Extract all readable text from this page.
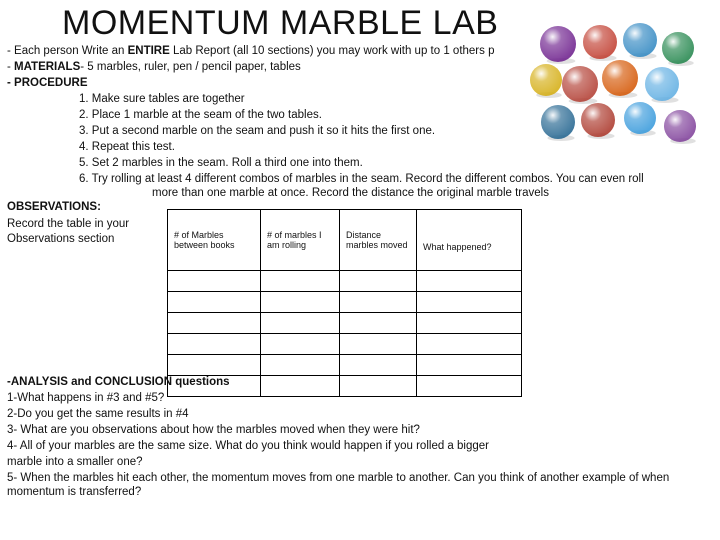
MOMENTUM MARBLE LAB
- Each person Write an ENTIRE Lab Report (all 10 sections) you may work with up to 1 others p
- MATERIALS- 5 marbles, ruler, pen / pencil paper, tables
- PROCEDURE
1. Make sure tables are together
2. Place 1 marble at the seam of the two tables.
3. Put a second marble on the seam and push it so it hits the first one.
4. Repeat this test.
5. Set 2 marbles in the seam. Roll a third one into them.
6. Try rolling at least 4 different combos of marbles in the seam. Record the different combos. You can even roll
more than one marble at once. Record the distance the original marble travels
OBSERVATIONS:
Record the table in your
Observations section	# of Marbles between books	# of marbles I am rolling	Distance marbles moved	What happened?

-ANALYSIS and CONCLUSION questions
1-What happens in #3 and #5?
2-Do you get the same results in #4
3- What are you observations about how the marbles moved when they were hit?
4- All of your marbles are the same size. What do you think would happen if you rolled a bigger
marble into a smaller one?
5- When the marbles hit each other, the momentum moves from one marble to another. Can you think of another example of when
momentum is transferred?
